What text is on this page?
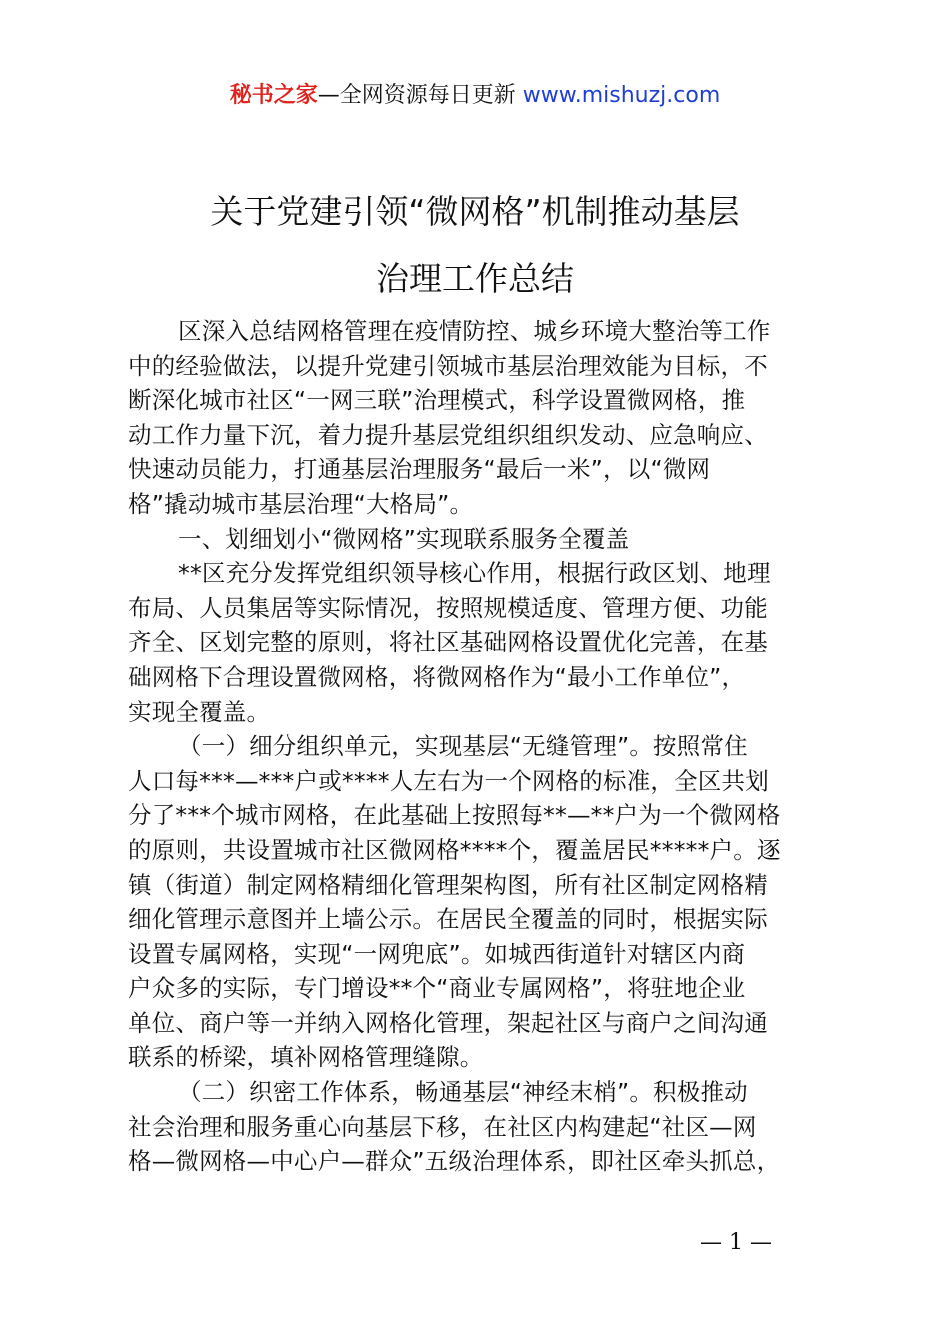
秘书之家—全网资源每日更新 www.mishuzj.com
关于党建引领“微网格”机制推动基层
治理工作总结
区深入总结网格管理在疫情防控、城乡环境大整治等工作
中的经验做法，以提升党建引领城市基层治理效能为目标，不
断深化城市社区“一网三联”治理模式，科学设置微网格，推
动工作力量下沉，着力提升基层党组织组织发动、应急响应、
快速动员能力，打通基层治理服务“最后一米”，以“微网
格”撬动城市基层治理“大格局”。
一、划细划小“微网格”实现联系服务全覆盖
**区充分发挥党组织领导核心作用，根据行政区划、地理
布局、人员集居等实际情况，按照规模适度、管理方便、功能
齐全、区划完整的原则，将社区基础网格设置优化完善，在基
础网格下合理设置微网格，将微网格作为“最小工作单位”，
实现全覆盖。
（一）细分组织单元，实现基层“无缝管理”。按照常住
人口每***—***户或****人左右为一个网格的标准，全区共划
分了***个城市网格，在此基础上按照每**—**户为一个微网格
的原则，共设置城市社区微网格****个，覆盖居民*****户。逐
镇（街道）制定网格精细化管理架构图，所有社区制定网格精
细化管理示意图并上墙公示。在居民全覆盖的同时，根据实际
设置专属网格，实现“一网兜底”。如城西街道针对辖区内商
户众多的实际，专门增设**个“商业专属网格”，将驻地企业
单位、商户等一并纳入网格化管理，架起社区与商户之间沟通
联系的桥梁，填补网格管理缝隙。
（二）织密工作体系，畅通基层“神经末梢”。积极推动
社会治理和服务重心向基层下移，在社区内构建起“社区—网
格—微网格—中心户—群众”五级治理体系，即社区牵头抓总，
— 1 —
